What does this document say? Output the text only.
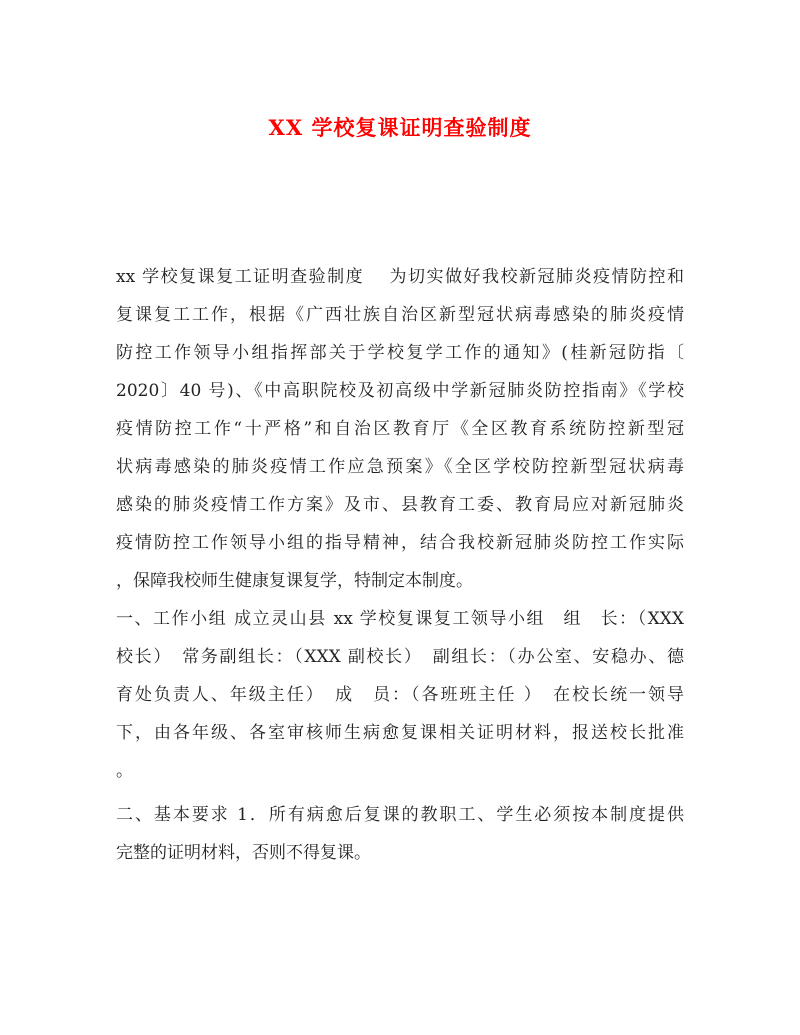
XX 学校复课证明查验制度
xx 学校复课复工证明查验制度　 为切实做好我校新冠肺炎疫情防控和
复课复工工作，根据《广西壮族自治区新型冠状病毒感染的肺炎疫情
防控工作领导小组指挥部关于学校复学工作的通知》(桂新冠防指〔
2020〕40 号)、《中高职院校及初高级中学新冠肺炎防控指南》《学校
疫情防控工作“十严格”和自治区教育厅《全区教育系统防控新型冠
状病毒感染的肺炎疫情工作应急预案》《全区学校防控新型冠状病毒
感染的肺炎疫情工作方案》及市、县教育工委、教育局应对新冠肺炎
疫情防控工作领导小组的指导精神，结合我校新冠肺炎防控工作实际
，保障我校师生健康复课复学，特制定本制度。
一、工作小组 成立灵山县 xx 学校复课复工领导小组　组　长：（XXX
校长）　常务副组长：（XXX 副校长）　副组长：（办公室、安稳办、德
育处负责人、年级主任）　成　员：（各班班主任 ）　在校长统一领导
下，由各年级、各室审核师生病愈复课相关证明材料，报送校长批准
。
二、基本要求 1．所有病愈后复课的教职工、学生必须按本制度提供
完整的证明材料，否则不得复课。
